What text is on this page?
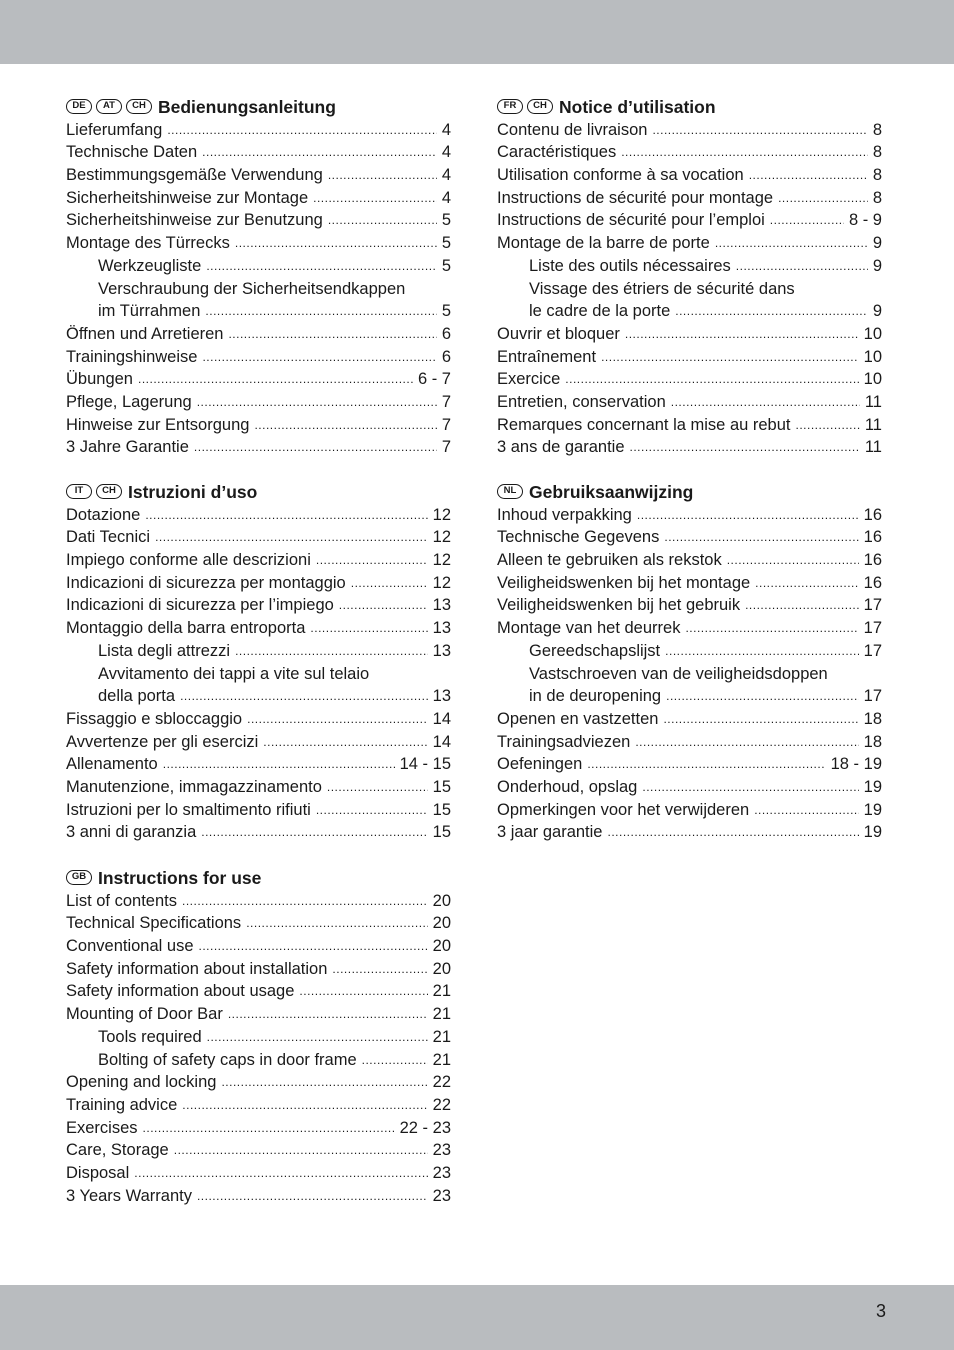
DE	AT	CH Bedienungsanleitung
Lieferumfang .....	4
Technische Daten .....	4
Bestimmungsgemäße Verwendung .....	4
Sicherheitshinweise zur Montage .....	4
Sicherheitshinweise zur Benutzung .....	5
Montage des Türrecks .....	5
Werkzeugliste .....	5
Verschraubung der Sicherheitsendkappen
im Türrahmen .....	5
Öffnen und Arretieren .....	6
Trainingshinweise .....	6
Übungen .....	6 - 7
Pflege, Lagerung .....	7
Hinweise zur Entsorgung .....	7
3 Jahre Garantie .....	7
IT	CH Istruzioni d’uso
Dotazione .....	12
Dati Tecnici .....	12
Impiego conforme alle descrizioni .....	12
Indicazioni di sicurezza per montaggio .....	12
Indicazioni di sicurezza per l’impiego .....	13
Montaggio della barra entroporta .....	13
Lista degli attrezzi .....	13
Avvitamento dei tappi a vite sul telaio
della porta .....	13
Fissaggio e sbloccaggio .....	14
Avvertenze per gli esercizi .....	14
Allenamento .....	14 - 15
Manutenzione, immagazzinamento .....	15
Istruzioni per lo smaltimento rifiuti .....	15
3 anni di garanzia .....	15
GB Instructions for use
List of contents .....	20
Technical Specifications .....	20
Conventional use .....	20
Safety information about installation .....	20
Safety information about usage .....	21
Mounting of Door Bar .....	21
Tools required .....	21
Bolting of safety caps in door frame .....	21
Opening and locking .....	22
Training advice .....	22
Exercises .....	22 - 23
Care, Storage .....	23
Disposal .....	23
3 Years Warranty .....	23
FR	CH Notice d’utilisation
Contenu de livraison .....	8
Caractéristiques .....	8
Utilisation conforme à sa vocation .....	8
Instructions de sécurité pour montage .....	8
Instructions de sécurité pour l’emploi .....	8 - 9
Montage de la barre de porte .....	9
Liste des outils nécessaires .....	9
Vissage des étriers de sécurité dans
le cadre de la porte .....	9
Ouvrir et bloquer .....	10
Entraînement .....	10
Exercice .....	10
Entretien, conservation .....	11
Remarques concernant la mise au rebut .....	11
3 ans de garantie .....	11
NL Gebruiksaanwijzing
Inhoud verpakking .....	16
Technische Gegevens .....	16
Alleen te gebruiken als rekstok .....	16
Veiligheidswenken bij het montage .....	16
Veiligheidswenken bij het gebruik .....	17
Montage van het deurrek .....	17
Gereedschapslijst .....	17
Vastschroeven van de veiligheidsdoppen
in de deuropening .....	17
Openen en vastzetten .....	18
Trainingsadviezen .....	18
Oefeningen .....	18 - 19
Onderhoud, opslag .....	19
Opmerkingen voor het verwijderen .....	19
3 jaar garantie .....	19
3
